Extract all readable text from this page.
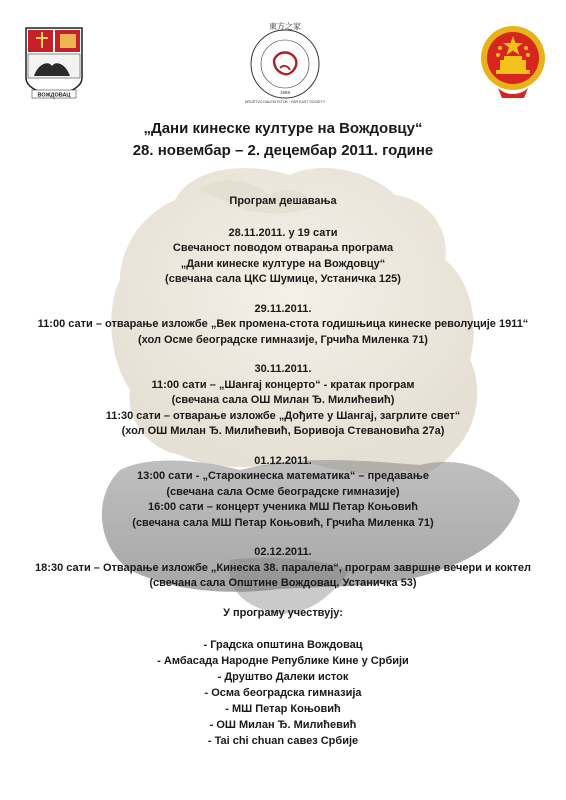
ВОЖДОВАЦ
東方之家
1969
DRUŠTVO DALEKI ISTOK · FAR EAST SOCIETY
„Дани кинеске културе на Вождовцу“
28. новембар – 2. децембар 2011. године
Програм дешавања
28.11.2011. у 19 сати
Свечаност поводом отварања програма
„Дани кинеске културе на Вождовцу“
(свечана сала ЦКС Шумице, Устаничка 125)
29.11.2011.
11:00 сати – отварање изложбе „Век промена-стота годишњица кинеске револуције 1911“
(хол Осме београдске гимназије, Грчића Миленка 71)
30.11.2011.
11:00 сати – „Шангај концерто“ - кратак програм
(свечана сала ОШ Милан Ђ. Милићевић)
11:30 сати – отварање изложбе „Дођите у Шангај, загрлите свет“
(хол ОШ Милан Ђ. Милићевић, Боривоја Стевановића 27а)
01.12.2011.
13:00 сати - „Старокинеска математика“ – предавање
(свечана сала Осме београдске гимназије)
16:00 сати – концерт ученика МШ Петар Коњовић
(свечана сала МШ Петар Коњовић, Грчића Миленка 71)
02.12.2011.
18:30 сати – Отварање изложбе „Кинеска 38. паралела“, програм завршне вечери и коктел
(свечана сала Општине Вождовац, Устаничка 53)
У програму учествују:
- Градска општина Вождовац
- Амбасада Народне Републике Кине у Србији
- Друштво Далеки исток
- Осма београдска гимназија
- МШ Петар Коњовић
- ОШ Милан Ђ. Милићевић
- Tai chi chuan савез Србије
